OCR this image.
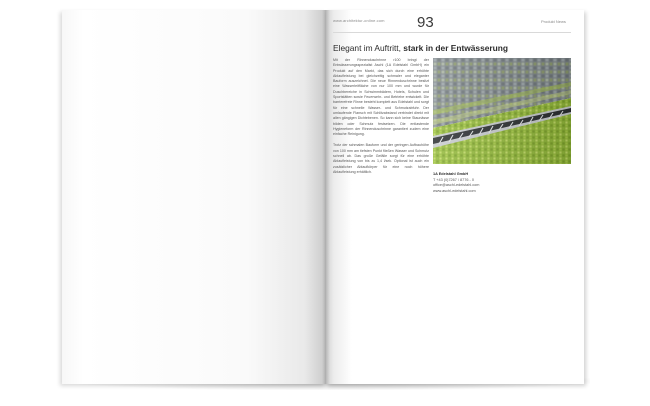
www.architektur-online.com 93	Produkt News
Elegant im Auftritt, stark in der Entwässerung

Mit der Rinnenduschrinne r100 bringt der Entwässerungsspezialist Aschl (1A Edelstahl GmbH) ein Produkt auf den Markt, das sich durch eine erhöhte Ablaufleistung bei gleichzeitig schmaler und eleganter Bauform auszeichnet. Die neue Rinnenduschrinne besitzt eine Wasserleitfläche von nur 100 mm und wurde für Duschbereiche in Schwimmbädern, Hotels, Schulen und Sportstätten sowie Feuerwehr- und Betriebe entwickelt. Die barrierefreie Rinne besteht komplett aus Edelstahl und sorgt für eine schnelle Wasser- und Schmutzabfuhr. Der umlaufende Flansch mit Schlitzabstand verbindet direkt mit allen gängigen Dichtebenen. So kann sich keine Staunässe bilden oder Schmutz festsetzen. Die entlastende Hygieneform der Rinnenduschrinne garantiert zudem eine einfache Reinigung.

Trotz der schmalen Bauform und der geringen Aufbauhöhe von 100 mm am tiefsten Punkt fließen Wasser und Schmutz schnell ab. Das große Gefälle sorgt für eine erhöhte Ablaufleistung von bis zu 1,4 l/sek. Optional ist auch ein zusätzlicher Ablaufkörper für eine noch höhere Ablaufleistung erhältlich.

1A Edelstahl GmbH
T +43 (0)7267 / 8776 - 0
office@aschl-edelstahl.com
www.aschl-edelstahl.com
